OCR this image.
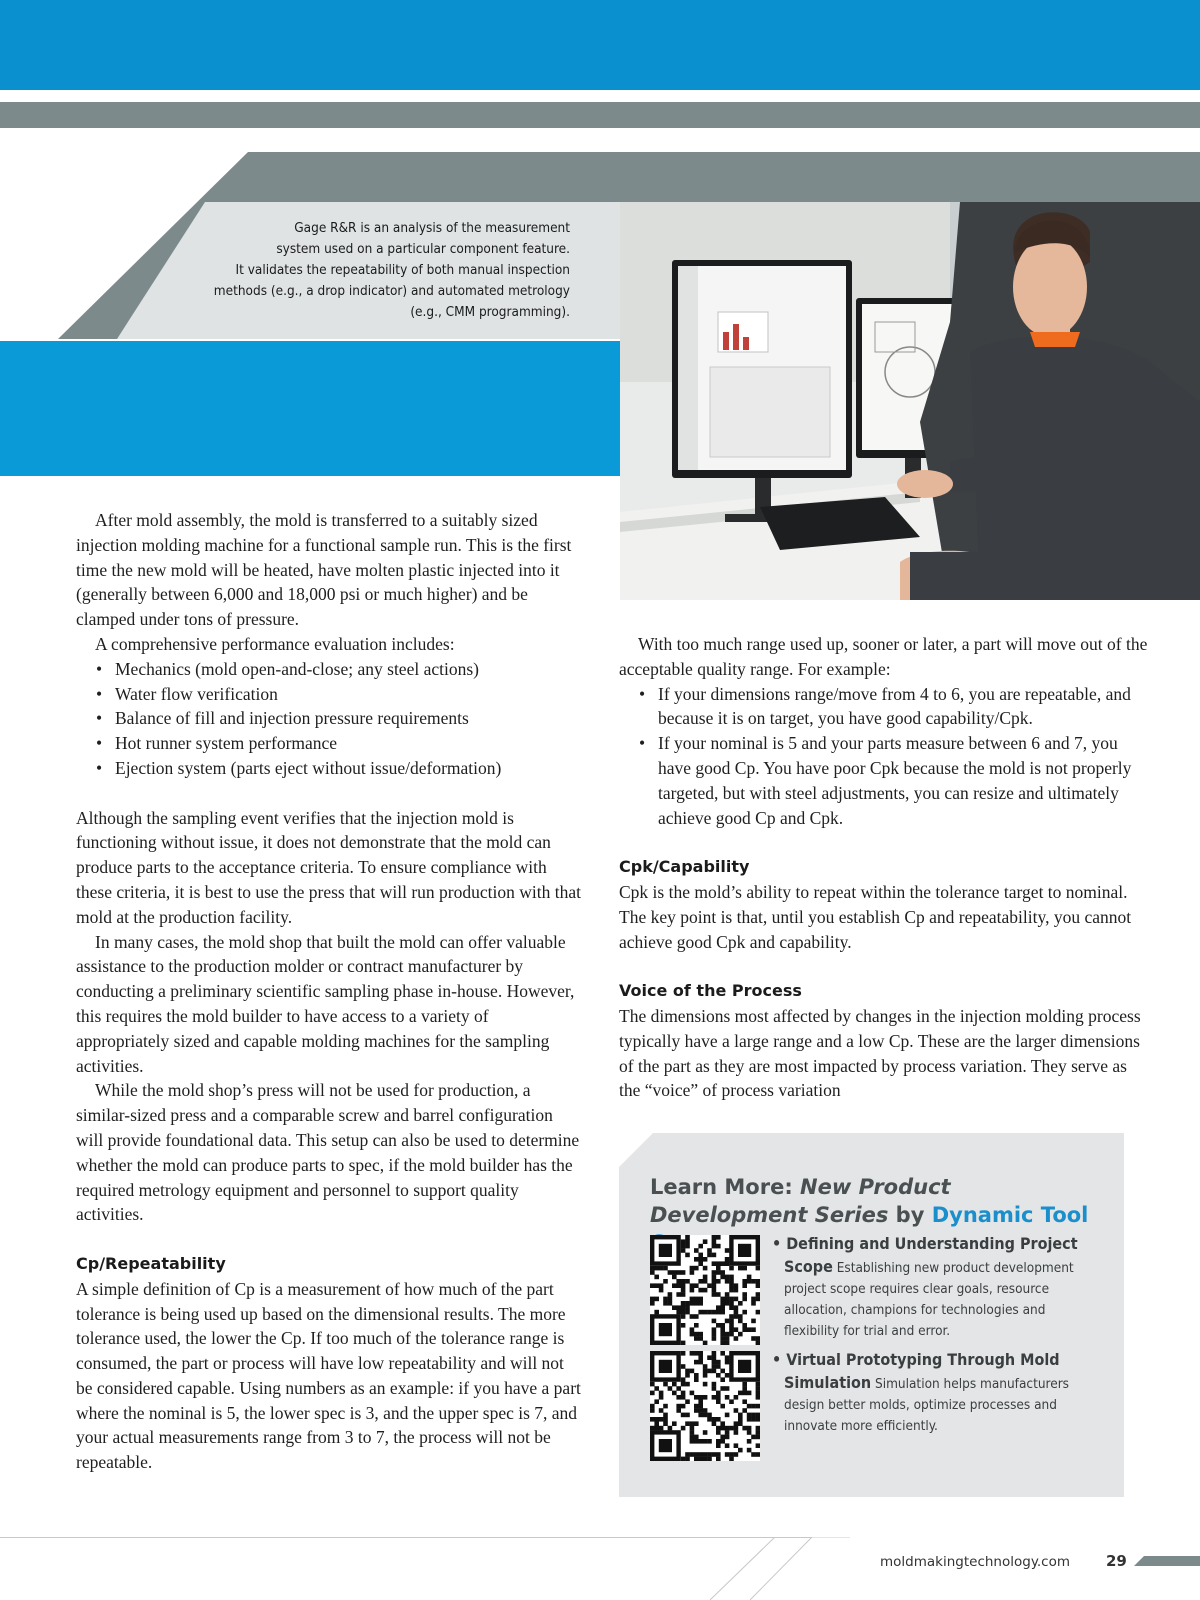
Gage R&R is an analysis of the measurement
system used on a particular component feature.
It validates the repeatability of both manual inspection
methods (e.g., a drop indicator) and automated metrology
(e.g., CMM programming).

After mold assembly, the mold is transferred to a suitably sized injection molding machine for a functional sample run. This is the first time the new mold will be heated, have molten plastic injected into it (generally between 6,000 and 18,000 psi or much higher) and be clamped under tons of pressure.

A comprehensive performance evaluation includes:

• Mechanics (mold open-and-close; any steel actions)
• Water flow verification
• Balance of fill and injection pressure requirements
• Hot runner system performance
• Ejection system (parts eject without issue/deformation)

Although the sampling event verifies that the injection mold is functioning without issue, it does not demonstrate that the mold can produce parts to the acceptance criteria. To ensure compliance with these criteria, it is best to use the press that will run production with that mold at the production facility.

In many cases, the mold shop that built the mold can offer valuable assistance to the production molder or contract manufacturer by conducting a preliminary scientific sampling phase in-house. However, this requires the mold builder to have access to a variety of appropriately sized and capable molding machines for the sampling activities.

While the mold shop’s press will not be used for production, a similar-sized press and a comparable screw and barrel configuration will provide foundational data. This setup can also be used to determine whether the mold can produce parts to spec, if the mold builder has the required metrology equipment and personnel to support quality activities.

Cp/Repeatability

A simple definition of Cp is a measurement of how much of the part tolerance is being used up based on the dimensional results. The more tolerance used, the lower the Cp. If too much of the tolerance range is consumed, the part or process will have low repeatability and will not be considered capable. Using numbers as an example: if you have a part where the nominal is 5, the lower spec is 3, and the upper spec is 7, and your actual measurements range from 3 to 7, the process will not be repeatable.

With too much range used up, sooner or later, a part will move out of the acceptable quality range. For example:

• If your dimensions range/move from 4 to 6, you are repeatable, and because it is on target, you have good capability/Cpk.
• If your nominal is 5 and your parts measure between 6 and 7, you have good Cp. You have poor Cpk because the mold is not properly targeted, but with steel adjustments, you can resize and ultimately achieve good Cp and Cpk.
Cpk/Capability

Cpk is the mold’s ability to repeat within the tolerance target to nominal. The key point is that, until you establish Cp and repeatability, you cannot achieve good Cpk and capability.

Voice of the Process

The dimensions most affected by changes in the injection molding process typically have a large range and a low Cp. These are the larger dimensions of the part as they are most impacted by process variation. They serve as the “voice” of process variation

Learn More: New Product Development Series by Dynamic Tool
• Defining and Understanding Project Scope Establishing new product development project scope requires clear goals, resource allocation, champions for technologies and flexibility for trial and error.
• Virtual Prototyping Through Mold Simulation Simulation helps manufacturers design better molds, optimize processes and innovate more efficiently.
moldmakingtechnology.com 29
